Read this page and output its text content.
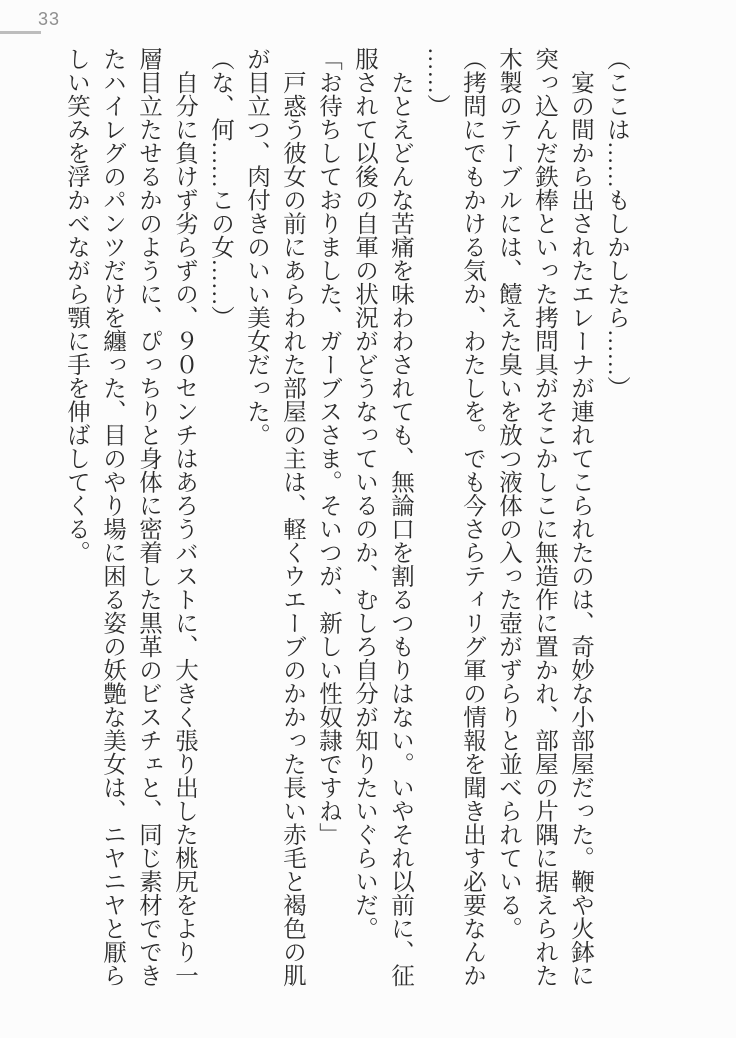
33
（ここは……もしかしたら……）
　宴の間から出されたエレーナが連れてこられたのは、奇妙な小部屋だった。鞭や火鉢に
突っ込んだ鉄棒といった拷問具がそこかしこに無造作に置かれ、部屋の片隅に据えられた
木製のテーブルには、饐えた臭いを放つ液体の入った壺がずらりと並べられている。
（拷問にでもかける気か、わたしを。でも今さらティリグ軍の情報を聞き出す必要なんか
……）
　たとえどんな苦痛を味わわされても、無論口を割るつもりはない。いやそれ以前に、征
服されて以後の自軍の状況がどうなっているのか、むしろ自分が知りたいぐらいだ。
「お待ちしておりました、ガーブスさま。そいつが、新しい性奴隷ですね」
　戸惑う彼女の前にあらわれた部屋の主は、軽くウエーブのかかった長い赤毛と褐色の肌
が目立つ、肉付きのいい美女だった。
（な、何……この女……）
　自分に負けず劣らずの、９０センチはあろうバストに、大きく張り出した桃尻をより一
層目立たせるかのように、ぴっちりと身体に密着した黒革のビスチェと、同じ素材ででき
たハイレグのパンツだけを纏った、目のやり場に困る姿の妖艶な美女は、ニヤニヤと厭ら
しい笑みを浮かべながら顎に手を伸ばしてくる。
